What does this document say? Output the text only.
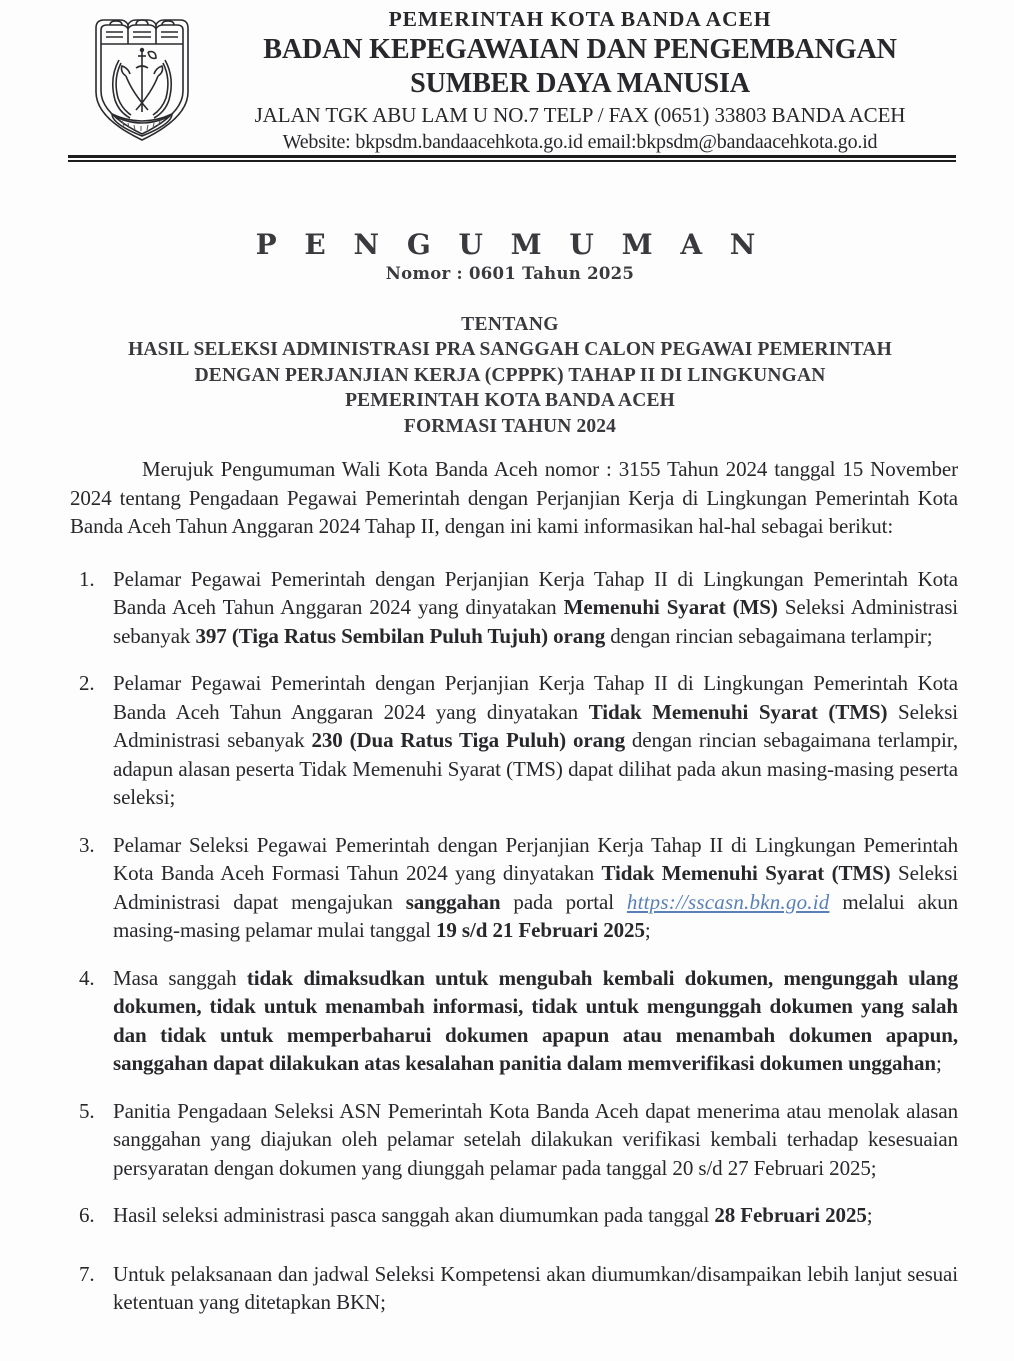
PEMERINTAH KOTA BANDA ACEH
BADAN KEPEGAWAIAN DAN PENGEMBANGAN
SUMBER DAYA MANUSIA
JALAN TGK ABU LAM U NO.7 TELP / FAX (0651) 33803 BANDA ACEH
Website: bkpsdm.bandaacehkota.go.id email:bkpsdm@bandaacehkota.go.id
P E N G U M U M A N
Nomor : 0601 Tahun 2025
TENTANG
HASIL SELEKSI ADMINISTRASI PRA SANGGAH CALON PEGAWAI PEMERINTAH
DENGAN PERJANJIAN KERJA (CPPPK) TAHAP II DI LINGKUNGAN
PEMERINTAH KOTA BANDA ACEH
FORMASI TAHUN 2024

Merujuk Pengumuman Wali Kota Banda Aceh nomor : 3155 Tahun 2024 tanggal 15 November 2024 tentang Pengadaan Pegawai Pemerintah dengan Perjanjian Kerja di Lingkungan Pemerintah Kota Banda Aceh Tahun Anggaran 2024 Tahap II, dengan ini kami informasikan hal-hal sebagai berikut:

1. Pelamar Pegawai Pemerintah dengan Perjanjian Kerja Tahap II di Lingkungan Pemerintah Kota Banda Aceh Tahun Anggaran 2024 yang dinyatakan Memenuhi Syarat (MS) Seleksi Administrasi sebanyak 397 (Tiga Ratus Sembilan Puluh Tujuh) orang dengan rincian sebagaimana terlampir;
2. Pelamar Pegawai Pemerintah dengan Perjanjian Kerja Tahap II di Lingkungan Pemerintah Kota Banda Aceh Tahun Anggaran 2024 yang dinyatakan Tidak Memenuhi Syarat (TMS) Seleksi Administrasi sebanyak 230 (Dua Ratus Tiga Puluh) orang dengan rincian sebagaimana terlampir, adapun alasan peserta Tidak Memenuhi Syarat (TMS) dapat dilihat pada akun masing-masing peserta seleksi;
3. Pelamar Seleksi Pegawai Pemerintah dengan Perjanjian Kerja Tahap II di Lingkungan Pemerintah Kota Banda Aceh Formasi Tahun 2024 yang dinyatakan Tidak Memenuhi Syarat (TMS) Seleksi Administrasi dapat mengajukan sanggahan pada portal https://sscasn.bkn.go.id melalui akun masing-masing pelamar mulai tanggal 19 s/d 21 Februari 2025;
4. Masa sanggah tidak dimaksudkan untuk mengubah kembali dokumen, mengunggah ulang dokumen, tidak untuk menambah informasi, tidak untuk mengunggah dokumen yang salah dan tidak untuk memperbaharui dokumen apapun atau menambah dokumen apapun, sanggahan dapat dilakukan atas kesalahan panitia dalam memverifikasi dokumen unggahan;
5. Panitia Pengadaan Seleksi ASN Pemerintah Kota Banda Aceh dapat menerima atau menolak alasan sanggahan yang diajukan oleh pelamar setelah dilakukan verifikasi kembali terhadap kesesuaian persyaratan dengan dokumen yang diunggah pelamar pada tanggal 20 s/d 27 Februari 2025;
6. Hasil seleksi administrasi pasca sanggah akan diumumkan pada tanggal 28 Februari 2025;
7. Untuk pelaksanaan dan jadwal Seleksi Kompetensi akan diumumkan/disampaikan lebih lanjut sesuai ketentuan yang ditetapkan BKN;
